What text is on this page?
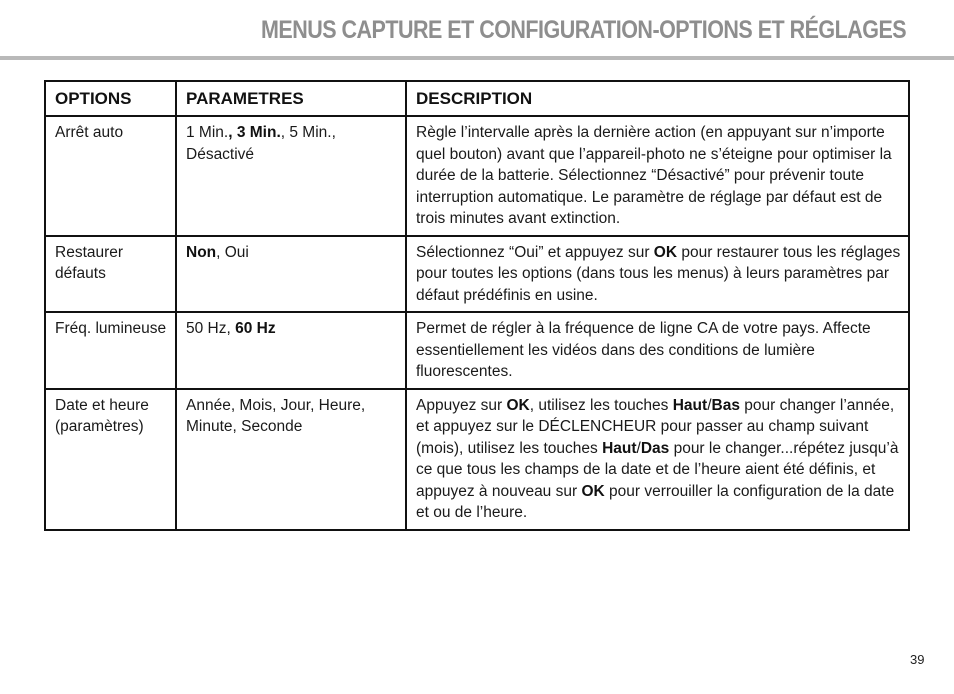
MENUS CAPTURE ET CONFIGURATION-OPTIONS ET RÉGLAGES
OPTIONS	PARAMETRES	DESCRIPTION
Arrêt auto	1 Min., 3 Min., 5 Min., Désactivé	Règle l’intervalle après la dernière action (en appuyant sur n’importe quel bouton) avant que l’appareil-photo ne s’éteigne pour optimiser la durée de la batterie. Sélectionnez “Désactivé” pour prévenir toute interruption automatique. Le paramètre de réglage par défaut est de trois minutes avant extinction.
Restaurer défauts	Non, Oui	Sélectionnez “Oui” et appuyez sur OK pour restaurer tous les réglages pour toutes les options (dans tous les menus) à leurs paramètres par défaut prédéfinis en usine.
Fréq. lumineuse	50 Hz, 60 Hz	Permet de régler à la fréquence de ligne CA de votre pays. Affecte essentiellement les vidéos dans des conditions de lumière fluorescentes.
Date et heure (paramètres)	Année, Mois, Jour, Heure, Minute, Seconde	Appuyez sur OK, utilisez les touches Haut/Bas pour changer l’année, et appuyez sur le DÉCLENCHEUR pour passer au champ suivant (mois), utilisez les touches Haut/Das pour le changer...répétez jusqu’à ce que tous les champs de la date et de l’heure aient été définis, et appuyez à nouveau sur OK pour verrouiller la configuration de la date et ou de l’heure.
39
